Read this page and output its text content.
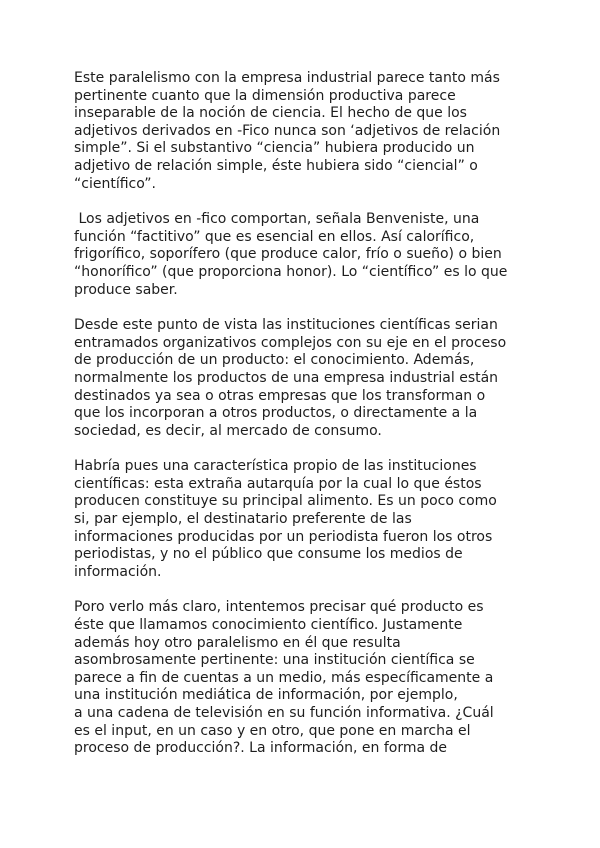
Este paralelismo con la empresa industrial parece tanto más
pertinente cuanto que la dimensión productiva parece
inseparable de la noción de ciencia. El hecho de que los
adjetivos derivados en -Fico nunca son ‘adjetivos de relación
simple”. Si el substantivo “ciencia” hubiera producido un
adjetivo de relación simple, éste hubiera sido “ciencial” o
“científico”.
Los adjetivos en -fico comportan, señala Benveniste, una
función “factitivo” que es esencial en ellos. Así calorífico,
frigorífico, soporífero (que produce calor, frío o sueño) o bien
“honorífico” (que proporciona honor). Lo “científico” es lo que
produce saber.
Desde este punto de vista las instituciones científicas serian
entramados organizativos complejos con su eje en el proceso
de producción de un producto: el conocimiento. Además,
normalmente los productos de una empresa industrial están
destinados ya sea o otras empresas que los transforman o
que los incorporan a otros productos, o directamente a la
sociedad, es decir, al mercado de consumo.
Habría pues una característica propio de las instituciones
científicas: esta extraña autarquía por la cual lo que éstos
producen constituye su principal alimento. Es un poco como
si, par ejemplo, el destinatario preferente de las
informaciones producidas por un periodista fueron los otros
periodistas, y no el público que consume los medios de
información.
Poro verlo más claro, intentemos precisar qué producto es
éste que llamamos conocimiento científico. Justamente
además hoy otro paralelismo en él que resulta
asombrosamente pertinente: una institución científica se
parece a fin de cuentas a un medio, más específicamente a
una institución mediática de información, por ejemplo,
a una cadena de televisión en su función informativa. ¿Cuál
es el input, en un caso y en otro, que pone en marcha el
proceso de producción?. La información, en forma de
